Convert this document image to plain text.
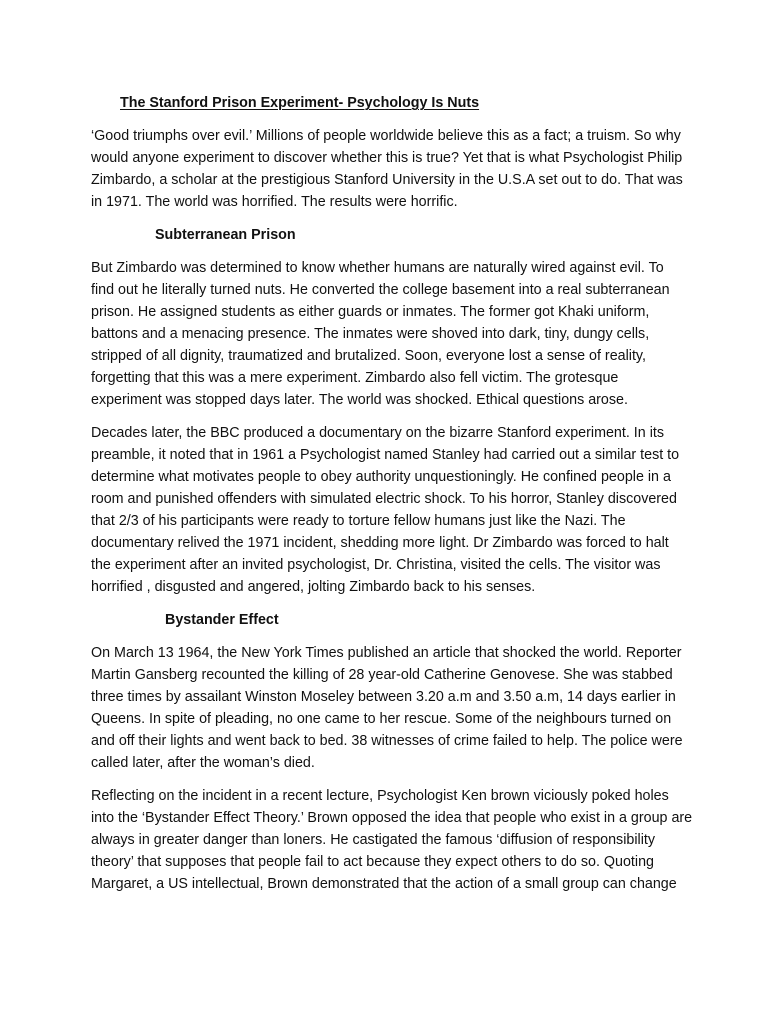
The Stanford Prison Experiment- Psychology Is Nuts

‘Good triumphs over evil.’ Millions of people worldwide believe this as a fact; a truism. So why
would anyone experiment to discover whether this is true? Yet that is what Psychologist Philip
Zimbardo, a scholar at the prestigious Stanford University in the U.S.A set out to do. That was
in 1971. The world was horrified. The results were horrific.

Subterranean Prison

But Zimbardo was determined to know whether humans are naturally wired against evil. To
find out he literally turned nuts. He converted the college basement into a real subterranean
prison. He assigned students as either guards or inmates. The former got Khaki uniform,
battons and a menacing presence. The inmates were shoved into dark, tiny, dungy cells,
stripped of all dignity, traumatized and brutalized. Soon, everyone lost a sense of reality,
forgetting that this was a mere experiment. Zimbardo also fell victim. The grotesque
experiment was stopped days later. The world was shocked. Ethical questions arose.

Decades later, the BBC produced a documentary on the bizarre Stanford experiment. In its
preamble, it noted that in 1961 a Psychologist named Stanley had carried out a similar test to
determine what motivates people to obey authority unquestioningly. He confined people in a
room and punished offenders with simulated electric shock. To his horror, Stanley discovered
that 2/3 of his participants were ready to torture fellow humans just like the Nazi. The
documentary relived the 1971 incident, shedding more light. Dr Zimbardo was forced to halt
the experiment after an invited psychologist, Dr. Christina, visited the cells. The visitor was
horrified , disgusted and angered, jolting Zimbardo back to his senses.

Bystander Effect

On March 13 1964, the New York Times published an article that shocked the world. Reporter
Martin Gansberg recounted the killing of 28 year-old Catherine Genovese. She was stabbed
three times by assailant Winston Moseley between 3.20 a.m and 3.50 a.m, 14 days earlier in
Queens. In spite of pleading, no one came to her rescue. Some of the neighbours turned on
and off their lights and went back to bed. 38 witnesses of crime failed to help. The police were
called later, after the woman’s died.

Reflecting on the incident in a recent lecture, Psychologist Ken brown viciously poked holes
into the ‘Bystander Effect Theory.’ Brown opposed the idea that people who exist in a group are
always in greater danger than loners. He castigated the famous ‘diffusion of responsibility
theory’ that supposes that people fail to act because they expect others to do so. Quoting
Margaret, a US intellectual, Brown demonstrated that the action of a small group can change
